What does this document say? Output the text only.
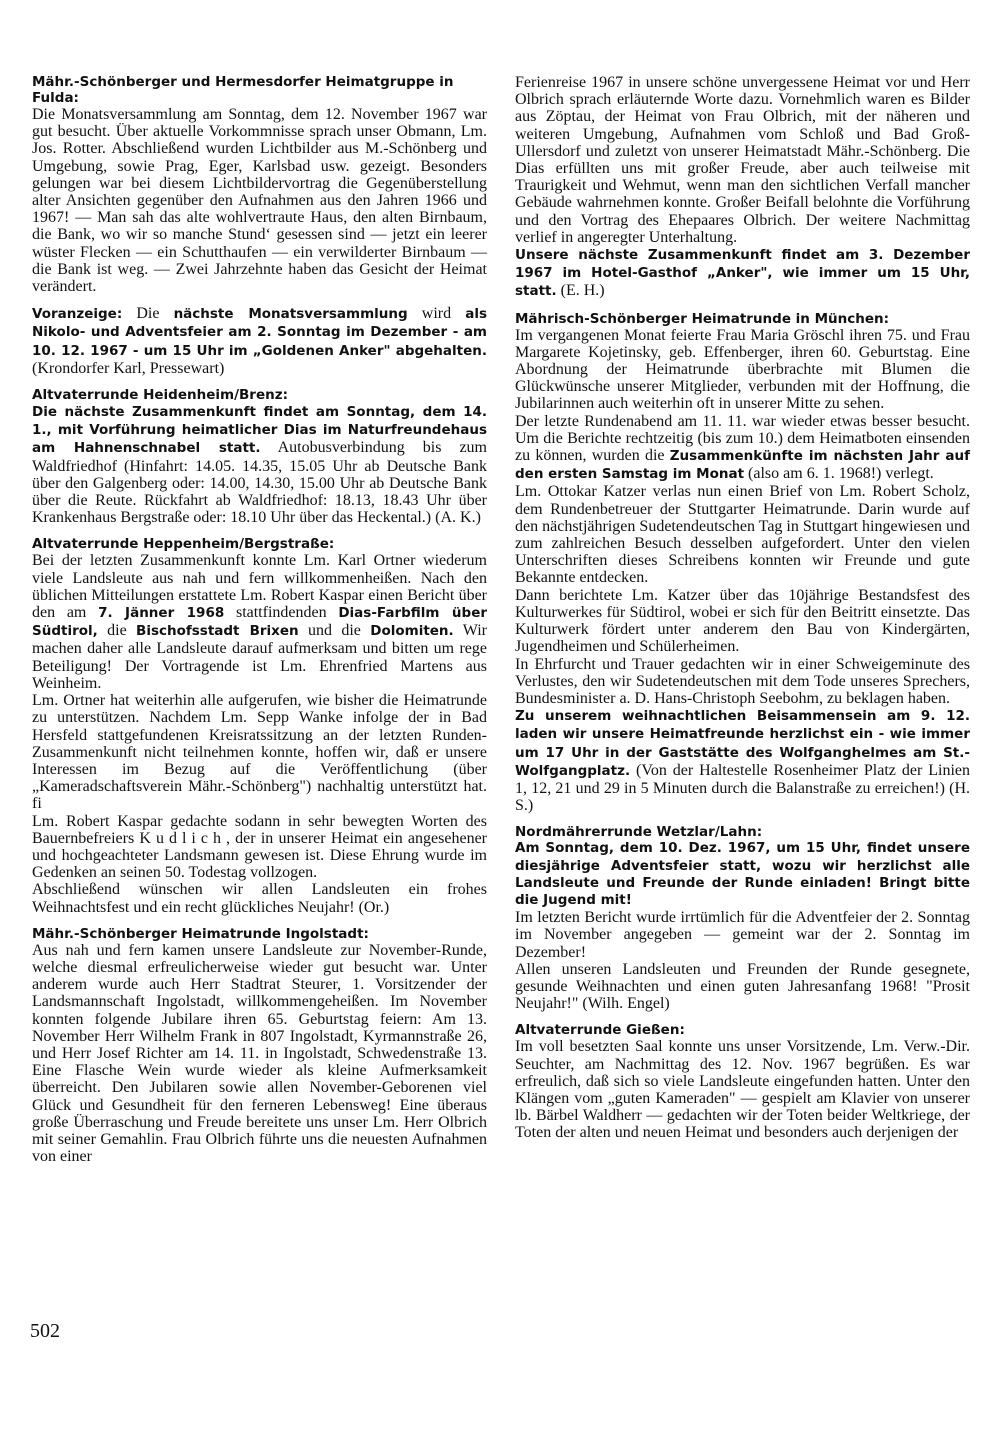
Mähr.-Schönberger und Hermesdorfer Heimatgruppe in Fulda:

Die Monatsversammlung am Sonntag, dem 12. November 1967 war gut besucht. Über aktuelle Vorkommnisse sprach unser Obmann, Lm. Jos. Rotter. Abschließend wurden Lichtbilder aus M.-Schönberg und Umgebung, sowie Prag, Eger, Karlsbad usw. gezeigt. Besonders gelungen war bei diesem Lichtbildervortrag die Gegenüberstellung alter Ansichten gegenüber den Aufnahmen aus den Jahren 1966 und 1967! — Man sah das alte wohlvertraute Haus, den alten Birnbaum, die Bank, wo wir so manche Stund‘ gesessen sind — jetzt ein leerer wüster Flecken — ein Schutthaufen — ein verwilderter Birnbaum — die Bank ist weg. — Zwei Jahrzehnte haben das Gesicht der Heimat verändert.

Voranzeige: Die nächste Monatsversammlung wird als Nikolo- und Adventsfeier am 2. Sonntag im Dezember - am 10. 12. 1967 - um 15 Uhr im „Goldenen Anker" abgehalten. (Krondorfer Karl, Pressewart)

Altvaterrunde Heidenheim/Brenz:

Die nächste Zusammenkunft findet am Sonntag, dem 14. 1., mit Vorführung heimatlicher Dias im Naturfreundehaus am Hahnenschnabel statt. Autobusverbindung bis zum Waldfriedhof (Hinfahrt: 14.05. 14.35, 15.05 Uhr ab Deutsche Bank über den Galgenberg oder: 14.00, 14.30, 15.00 Uhr ab Deutsche Bank über die Reute. Rückfahrt ab Waldfriedhof: 18.13, 18.43 Uhr über Krankenhaus Bergstraße oder: 18.10 Uhr über das Heckental.) (A. K.)

Altvaterrunde Heppenheim/Bergstraße:

Bei der letzten Zusammenkunft konnte Lm. Karl Ortner wiederum viele Landsleute aus nah und fern willkommenheißen. Nach den üblichen Mitteilungen erstattete Lm. Robert Kaspar einen Bericht über den am 7. Jänner 1968 stattfindenden Dias-Farbfilm über Südtirol, die Bischofsstadt Brixen und die Dolomiten. Wir machen daher alle Landsleute darauf aufmerksam und bitten um rege Beteiligung! Der Vortragende ist Lm. Ehrenfried Martens aus Weinheim.

Lm. Ortner hat weiterhin alle aufgerufen, wie bisher die Heimatrunde zu unterstützen. Nachdem Lm. Sepp Wanke infolge der in Bad Hersfeld stattgefundenen Kreisratssitzung an der letzten Runden-Zusammenkunft nicht teilnehmen konnte, hoffen wir, daß er unsere Interessen im Bezug auf die Veröffentlichung (über „Kameradschaftsverein Mähr.-Schönberg") nachhaltig unterstützt hat. fi

Lm. Robert Kaspar gedachte sodann in sehr bewegten Worten des Bauernbefreiers Kudlich, der in unserer Heimat ein angesehener und hochgeachteter Landsmann gewesen ist. Diese Ehrung wurde im Gedenken an seinen 50. Todestag vollzogen.

Abschließend wünschen wir allen Landsleuten ein frohes Weihnachtsfest und ein recht glückliches Neujahr! (Or.)

Mähr.-Schönberger Heimatrunde Ingolstadt:

Aus nah und fern kamen unsere Landsleute zur November-Runde, welche diesmal erfreulicherweise wieder gut besucht war. Unter anderem wurde auch Herr Stadtrat Steurer, 1. Vorsitzender der Landsmannschaft Ingolstadt, willkommengeheißen. Im November konnten folgende Jubilare ihren 65. Geburtstag feiern: Am 13. November Herr Wilhelm Frank in 807 Ingolstadt, Kyrmannstraße 26, und Herr Josef Richter am 14. 11. in Ingolstadt, Schwedenstraße 13. Eine Flasche Wein wurde wieder als kleine Aufmerksamkeit überreicht. Den Jubilaren sowie allen November-Geborenen viel Glück und Gesundheit für den ferneren Lebensweg! Eine überaus große Überraschung und Freude bereitete uns unser Lm. Herr Olbrich mit seiner Gemahlin. Frau Olbrich führte uns die neuesten Aufnahmen von einer

Ferienreise 1967 in unsere schöne unvergessene Heimat vor und Herr Olbrich sprach erläuternde Worte dazu. Vornehmlich waren es Bilder aus Zöptau, der Heimat von Frau Olbrich, mit der näheren und weiteren Umgebung, Aufnahmen vom Schloß und Bad Groß-Ullersdorf und zuletzt von unserer Heimatstadt Mähr.-Schönberg. Die Dias erfüllten uns mit großer Freude, aber auch teilweise mit Traurigkeit und Wehmut, wenn man den sichtlichen Verfall mancher Gebäude wahrnehmen konnte. Großer Beifall belohnte die Vorführung und den Vortrag des Ehepaares Olbrich. Der weitere Nachmittag verlief in angeregter Unterhaltung.

Unsere nächste Zusammenkunft findet am 3. Dezember 1967 im Hotel-Gasthof „Anker", wie immer um 15 Uhr, statt. (E. H.)

Mährisch-Schönberger Heimatrunde in München:

Im vergangenen Monat feierte Frau Maria Gröschl ihren 75. und Frau Margarete Kojetinsky, geb. Effenberger, ihren 60. Geburtstag. Eine Abordnung der Heimatrunde überbrachte mit Blumen die Glückwünsche unserer Mitglieder, verbunden mit der Hoffnung, die Jubilarinnen auch weiterhin oft in unserer Mitte zu sehen.

Der letzte Rundenabend am 11. 11. war wieder etwas besser besucht. Um die Berichte rechtzeitig (bis zum 10.) dem Heimatboten einsenden zu können, wurden die Zusammenkünfte im nächsten Jahr auf den ersten Samstag im Monat (also am 6. 1. 1968!) verlegt.

Lm. Ottokar Katzer verlas nun einen Brief von Lm. Robert Scholz, dem Rundenbetreuer der Stuttgarter Heimatrunde. Darin wurde auf den nächstjährigen Sudetendeutschen Tag in Stuttgart hingewiesen und zum zahlreichen Besuch desselben aufgefordert. Unter den vielen Unterschriften dieses Schreibens konnten wir Freunde und gute Bekannte entdecken.

Dann berichtete Lm. Katzer über das 10jährige Bestandsfest des Kulturwerkes für Südtirol, wobei er sich für den Beitritt einsetzte. Das Kulturwerk fördert unter anderem den Bau von Kindergärten, Jugendheimen und Schülerheimen.

In Ehrfurcht und Trauer gedachten wir in einer Schweigeminute des Verlustes, den wir Sudetendeutschen mit dem Tode unseres Sprechers, Bundesminister a. D. Hans-Christoph Seebohm, zu beklagen haben.

Zu unserem weihnachtlichen Beisammensein am 9. 12. laden wir unsere Heimatfreunde herzlichst ein - wie immer um 17 Uhr in der Gaststätte des Wolfganghelmes am St.-Wolfgangplatz. (Von der Haltestelle Rosenheimer Platz der Linien 1, 12, 21 und 29 in 5 Minuten durch die Balanstraße zu erreichen!) (H. S.)

Nordmährerrunde Wetzlar/Lahn:

Am Sonntag, dem 10. Dez. 1967, um 15 Uhr, findet unsere diesjährige Adventsfeier statt, wozu wir herzlichst alle Landsleute und Freunde der Runde einladen! Bringt bitte die Jugend mit!

Im letzten Bericht wurde irrtümlich für die Adventfeier der 2. Sonntag im November angegeben — gemeint war der 2. Sonntag im Dezember!

Allen unseren Landsleuten und Freunden der Runde gesegnete, gesunde Weihnachten und einen guten Jahresanfang 1968! "Prosit Neujahr!" (Wilh. Engel)

Altvaterrunde Gießen:

Im voll besetzten Saal konnte uns unser Vorsitzende, Lm. Verw.-Dir. Seuchter, am Nachmittag des 12. Nov. 1967 begrüßen. Es war erfreulich, daß sich so viele Landsleute eingefunden hatten. Unter den Klängen vom „guten Kameraden" — gespielt am Klavier von unserer lb. Bärbel Waldherr — gedachten wir der Toten beider Weltkriege, der Toten der alten und neuen Heimat und besonders auch derjenigen der

502
